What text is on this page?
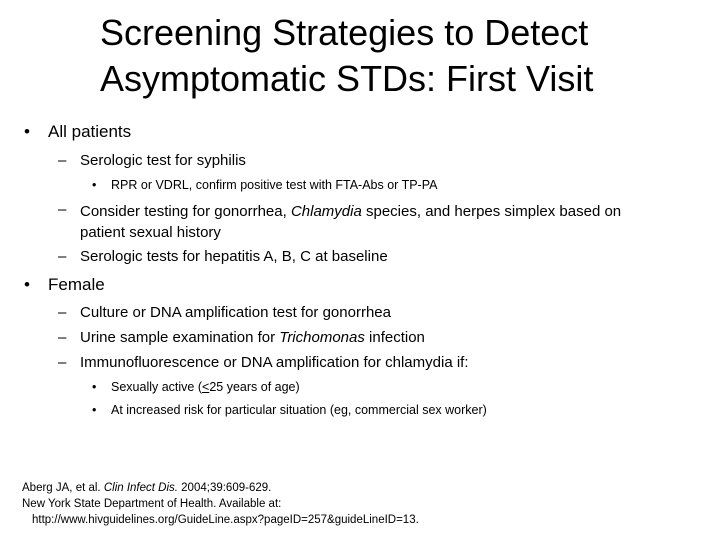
Screening Strategies to Detect
Asymptomatic STDs: First Visit
• All patients
– Serologic test for syphilis
• RPR or VDRL, confirm positive test with FTA-Abs or TP-PA
– Consider testing for gonorrhea, Chlamydia species, and herpes simplex based on patient sexual history
– Serologic tests for hepatitis A, B, C at baseline
• Female
– Culture or DNA amplification test for gonorrhea
– Urine sample examination for Trichomonas infection
– Immunofluorescence or DNA amplification for chlamydia if:
• Sexually active (≤25 years of age)
• At increased risk for particular situation (eg, commercial sex worker)
Aberg JA, et al. Clin Infect Dis. 2004;39:609-629.
New York State Department of Health. Available at:
http://www.hivguidelines.org/GuideLine.aspx?pageID=257&guideLineID=13.
